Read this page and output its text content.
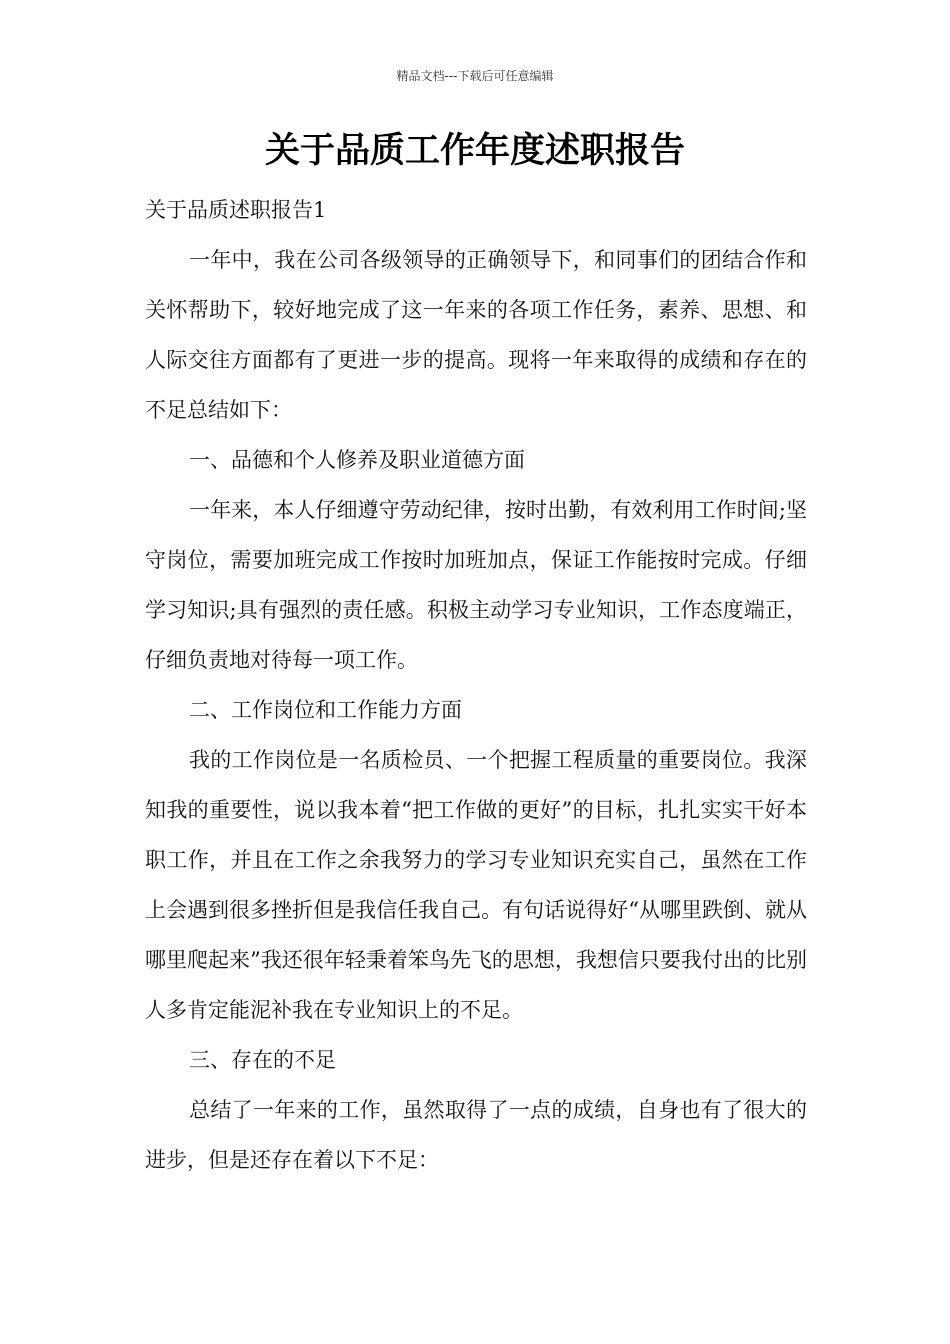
精品文档---下载后可任意编辑
关于品质工作年度述职报告

关于品质述职报告1

一年中，我在公司各级领导的正确领导下，和同事们的团结合作和关怀帮助下，较好地完成了这一年来的各项工作任务，素养、思想、和人际交往方面都有了更进一步的提高。现将一年来取得的成绩和存在的不足总结如下：

一、品德和个人修养及职业道德方面

一年来，本人仔细遵守劳动纪律，按时出勤，有效利用工作时间;坚守岗位，需要加班完成工作按时加班加点，保证工作能按时完成。仔细学习知识;具有强烈的责任感。积极主动学习专业知识，工作态度端正，仔细负责地对待每一项工作。

二、工作岗位和工作能力方面

我的工作岗位是一名质检员、一个把握工程质量的重要岗位。我深知我的重要性，说以我本着“把工作做的更好”的目标，扎扎实实干好本职工作，并且在工作之余我努力的学习专业知识充实自己，虽然在工作上会遇到很多挫折但是我信任我自己。有句话说得好“从哪里跌倒、就从哪里爬起来”我还很年轻秉着笨鸟先飞的思想，我想信只要我付出的比别人多肯定能泥补我在专业知识上的不足。

三、存在的不足

总结了一年来的工作，虽然取得了一点的成绩，自身也有了很大的进步，但是还存在着以下不足：
